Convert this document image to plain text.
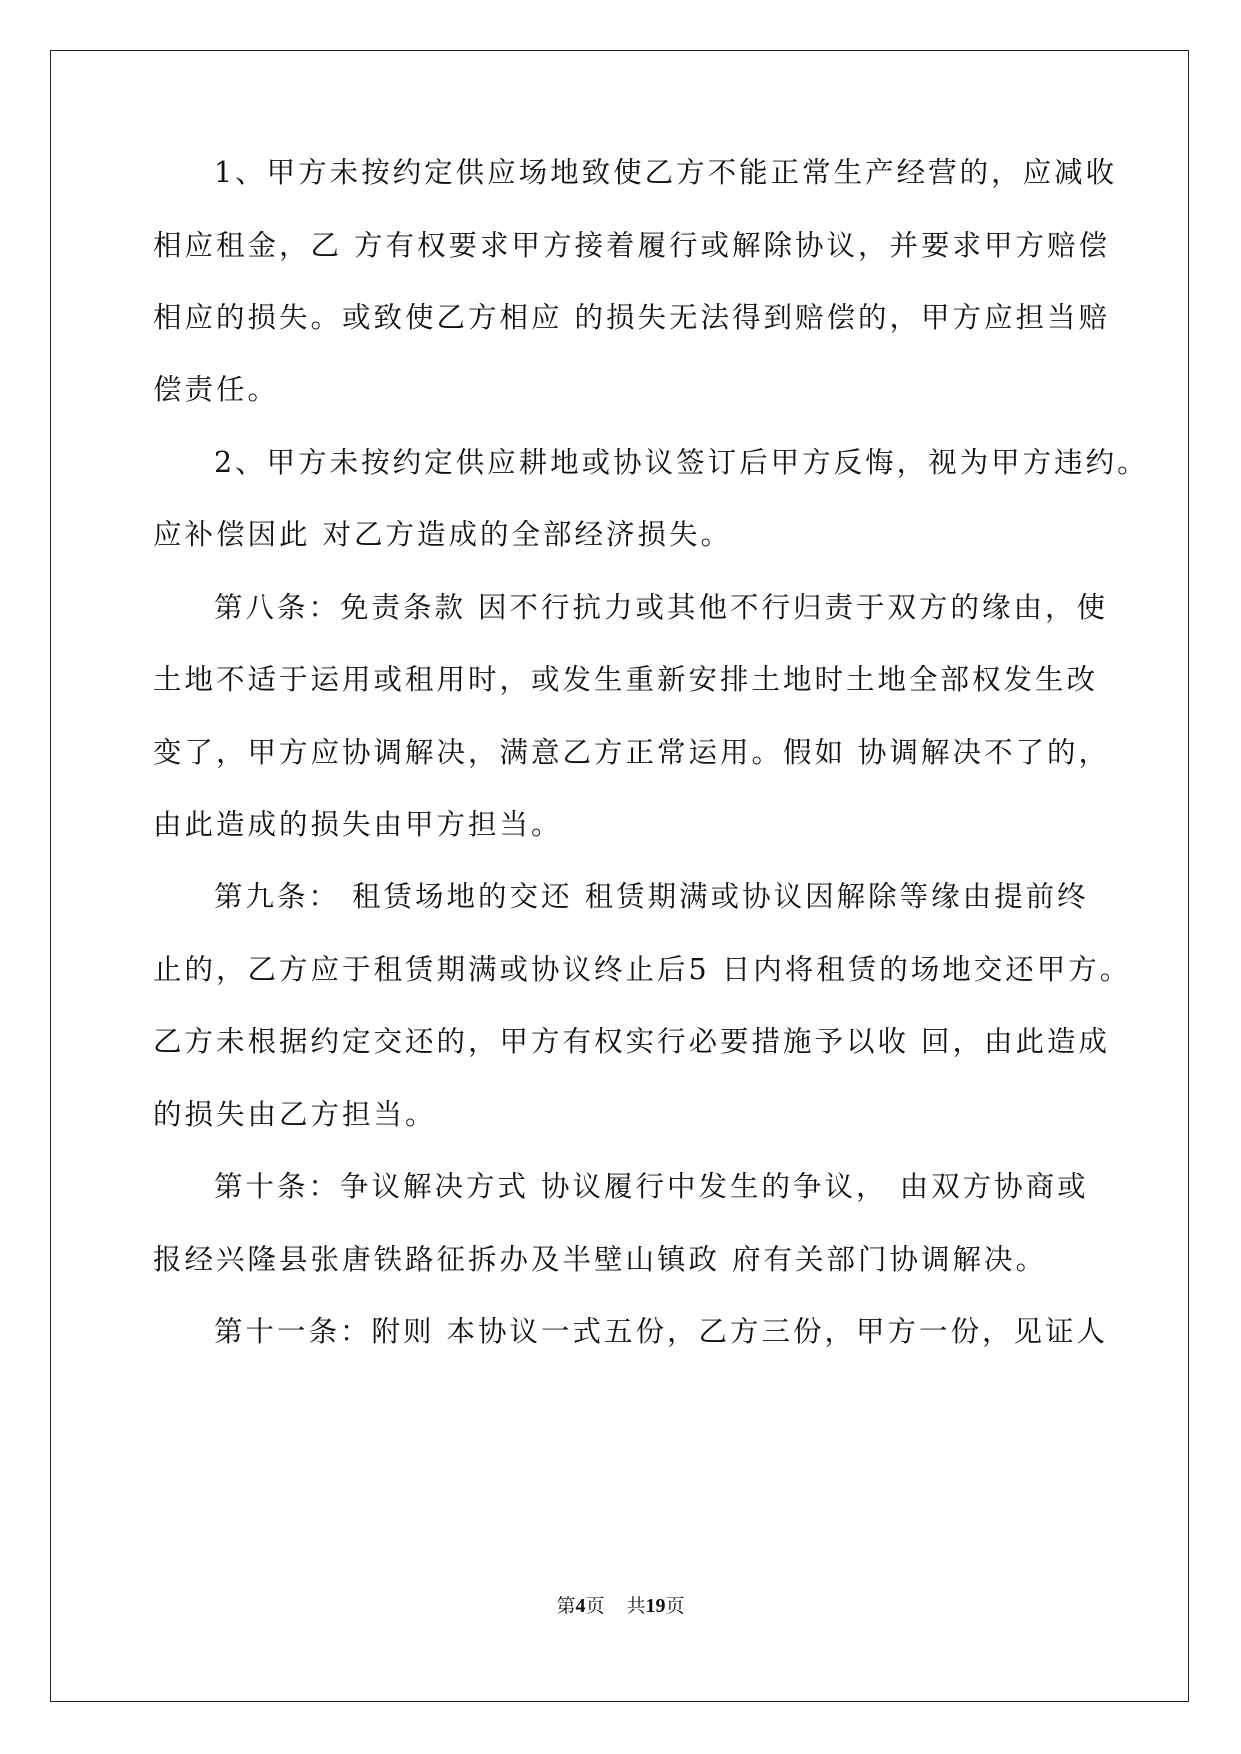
1、甲方未按约定供应场地致使乙方不能正常生产经营的，应减收

相应租金，乙 方有权要求甲方接着履行或解除协议，并要求甲方赔偿

相应的损失。或致使乙方相应 的损失无法得到赔偿的，甲方应担当赔

偿责任。

2、甲方未按约定供应耕地或协议签订后甲方反悔，视为甲方违约。

应补偿因此 对乙方造成的全部经济损失。

第八条：免责条款 因不行抗力或其他不行归责于双方的缘由，使

土地不适于运用或租用时，或发生重新安排土地时土地全部权发生改

变了，甲方应协调解决，满意乙方正常运用。假如 协调解决不了的，

由此造成的损失由甲方担当。

第九条： 租赁场地的交还 租赁期满或协议因解除等缘由提前终

止的，乙方应于租赁期满或协议终止后5 日内将租赁的场地交还甲方。

乙方未根据约定交还的，甲方有权实行必要措施予以收 回，由此造成

的损失由乙方担当。

第十条：争议解决方式 协议履行中发生的争议， 由双方协商或

报经兴隆县张唐铁路征拆办及半壁山镇政 府有关部门协调解决。

第十一条：附则 本协议一式五份，乙方三份，甲方一份，见证人

第4页 共19页
